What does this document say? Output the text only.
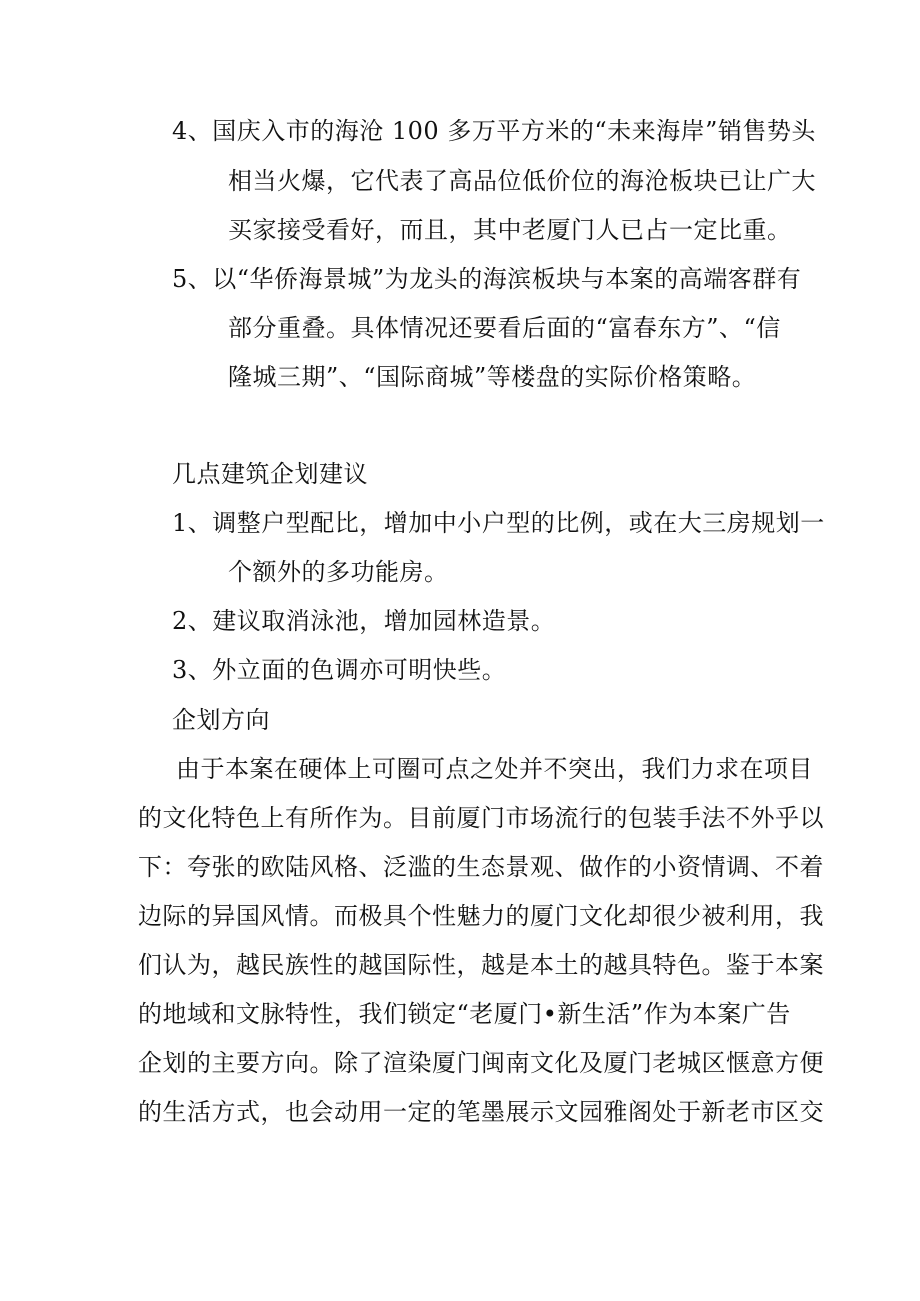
4、国庆入市的海沧 100 多万平方米的“未来海岸”销售势头

相当火爆，它代表了高品位低价位的海沧板块已让广大

买家接受看好，而且，其中老厦门人已占一定比重。

5、以“华侨海景城”为龙头的海滨板块与本案的高端客群有

部分重叠。具体情况还要看后面的“富春东方”、“信

隆城三期”、“国际商城”等楼盘的实际价格策略。

几点建筑企划建议

1、调整户型配比，增加中小户型的比例，或在大三房规划一

个额外的多功能房。

2、建议取消泳池，增加园林造景。

3、外立面的色调亦可明快些。

企划方向

由于本案在硬体上可圈可点之处并不突出，我们力求在项目

的文化特色上有所作为。目前厦门市场流行的包装手法不外乎以

下：夸张的欧陆风格、泛滥的生态景观、做作的小资情调、不着

边际的异国风情。而极具个性魅力的厦门文化却很少被利用，我

们认为，越民族性的越国际性，越是本土的越具特色。鉴于本案

的地域和文脉特性，我们锁定“老厦门•新生活”作为本案广告

企划的主要方向。除了渲染厦门闽南文化及厦门老城区惬意方便

的生活方式，也会动用一定的笔墨展示文园雅阁处于新老市区交
